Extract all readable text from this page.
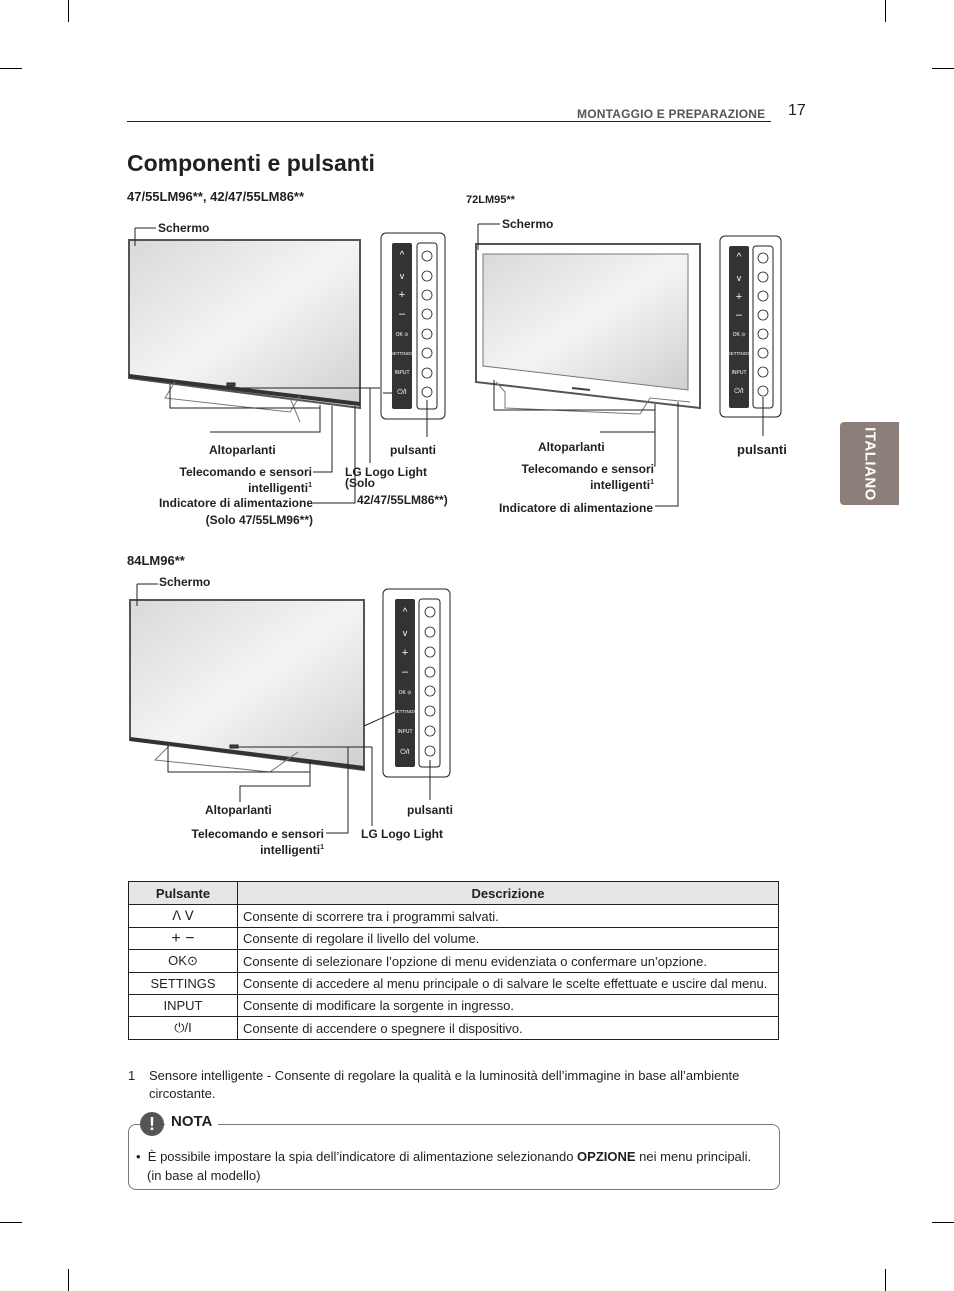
MONTAGGIO E PREPARAZIONE 17
ITALIANO
Componenti e pulsanti
47/55LM96**, 42/47/55LM86**	72LM95**
84LM96**
^
v
+
–
OK ⊙
SETTINGS
INPUT
⏻/I
^
v
+
–
OK ⊙
SETTINGS
INPUT
⏻/I
^
v
+
–
OK ⊙
SETTINGS
INPUT
⏻/I
Schermo
Altoparlanti	pulsanti
Telecomando e sensori
intelligenti$^1$
Indicatore di alimentazione
(Solo 47/55LM96**)
LG Logo Light
(Solo
42/47/55LM86**)
Schermo
Altoparlanti	pulsanti
Telecomando e sensori
intelligenti$^1$
Indicatore di alimentazione
Schermo
Altoparlanti	pulsanti
Telecomando e sensori
intelligenti$^1$
LG Logo Light
Pulsante	Descrizione
ᐱ ᐯ	Consente di scorrere tra i programmi salvati.
+ −	Consente di regolare il livello del volume.
OK⊙	Consente di selezionare l’opzione di menu evidenziata o confermare un’opzione.
SETTINGS	Consente di accedere al menu principale o di salvare le scelte effettuate e uscire dal menu.
INPUT	Consente di modificare la sorgente in ingresso.
⏻/I	Consente di accendere o spegnere il dispositivo.
1 Sensore intelligente - Consente di regolare la qualità e la luminosità dell’immagine in base all’ambiente circostante.
!	NOTA
• È possibile impostare la spia dell’indicatore di alimentazione selezionando OPZIONE nei menu principali.
(in base al modello)
